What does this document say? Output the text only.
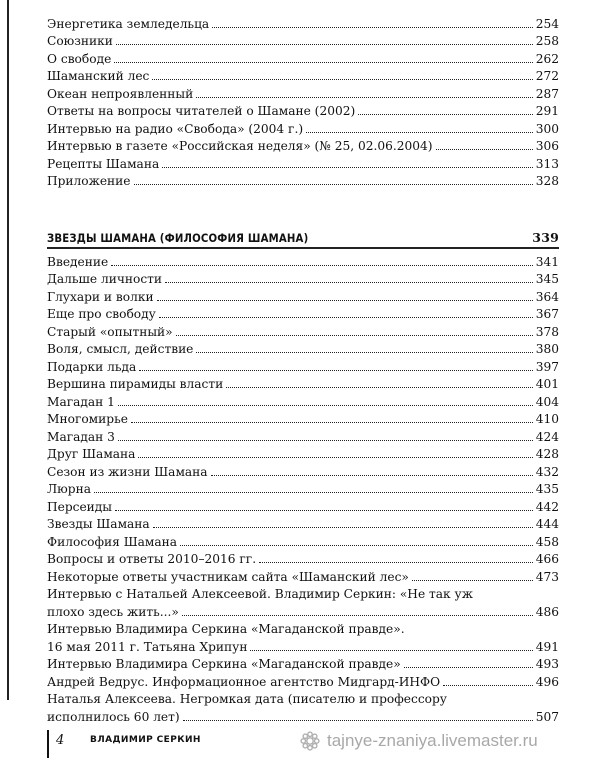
Энергетика земледельца	254
Союзники	258
О свободе	262
Шаманский лес	272
Океан непроявленный	287
Ответы на вопросы читателей о Шамане (2002)	291
Интервью на радио «Свобода» (2004 г.)	300
Интервью в газете «Российская неделя» (№ 25, 02.06.2004)	306
Рецепты Шамана	313
Приложение	328
ЗВЕЗДЫ ШАМАНА (ФИЛОСОФИЯ ШАМАНА)	339
Введение	341
Дальше личности	345
Глухари и волки	364
Еще про свободу	367
Старый «опытный»	378
Воля, смысл, действие	380
Подарки льда	397
Вершина пирамиды власти	401
Магадан 1	404
Многомирье	410
Магадан 3	424
Друг Шамана	428
Сезон из жизни Шамана	432
Люрна	435
Персеиды	442
Звезды Шамана	444
Философия Шамана	458
Вопросы и ответы 2010–2016 гг.	466
Некоторые ответы участникам сайта «Шаманский лес»	473
Интервью с Натальей Алексеевой. Владимир Серкин: «Не так уж
плохо здесь жить...»	486
Интервью Владимира Серкина «Магаданской правде».
16 мая 2011 г. Татьяна Хрипун	491
Интервью Владимира Серкина «Магаданской правде»	493
Андрей Ведрус. Информационное агентство Мидгард-ИНФО	496
Наталья Алексеева. Негромкая дата (писателю и профессору
исполнилось 60 лет)	507
4	ВЛАДИМИР СЕРКИН	tajnye-znaniya.livemaster.ru
